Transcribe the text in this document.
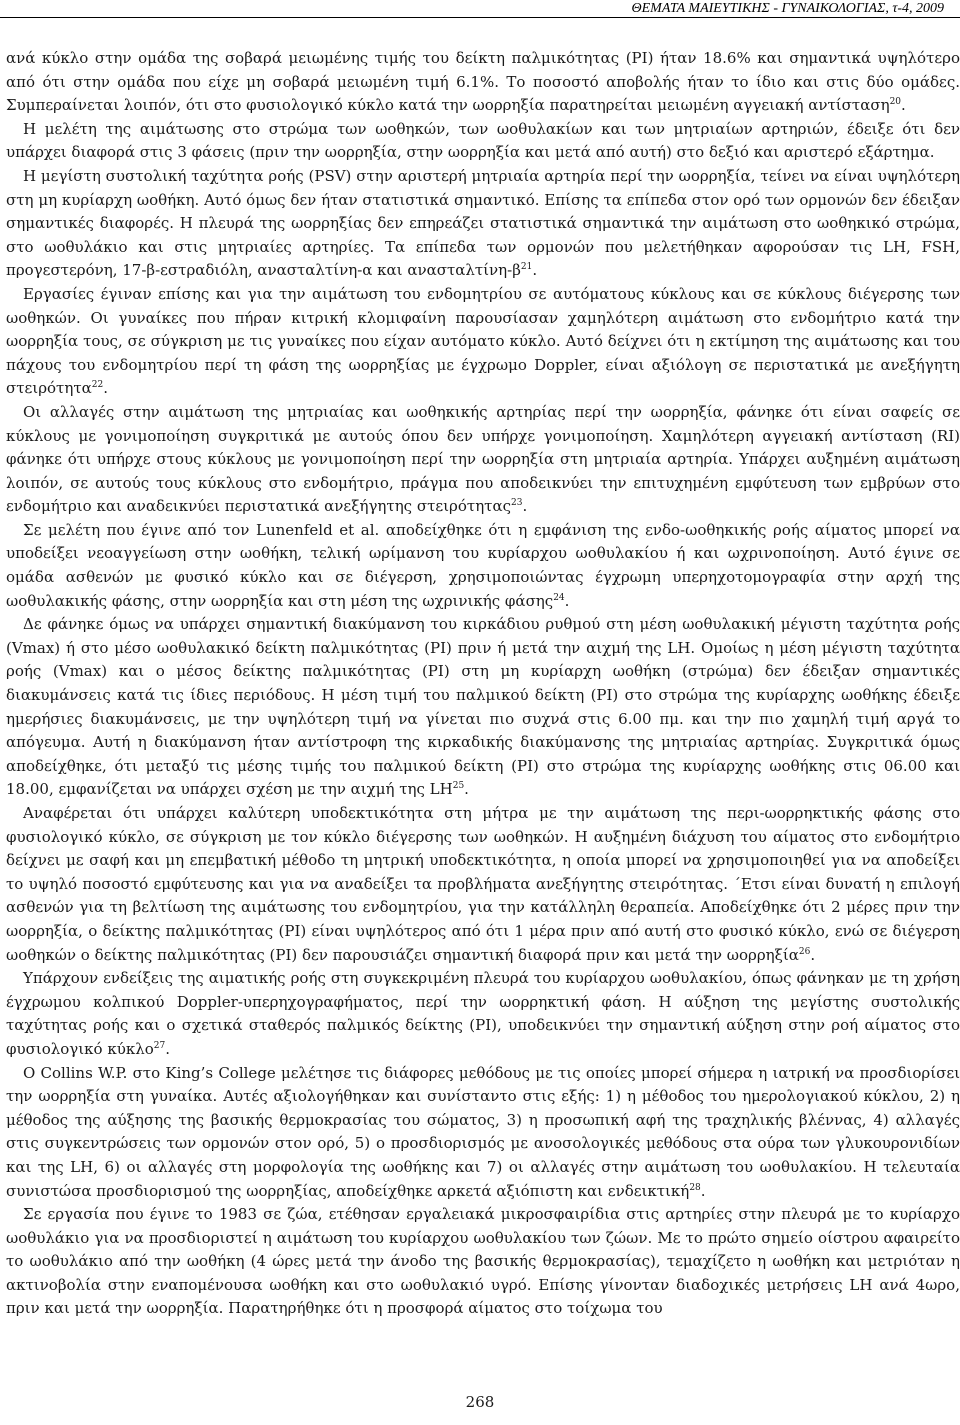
ΘΕΜΑΤΑ ΜΑΙΕΥΤΙΚΗΣ - ΓΥΝΑΙΚΟΛΟΓΙΑΣ, τ-4, 2009

ανά κύκλο στην ομάδα της σοβαρά μειωμένης τιμής του δείκτη παλμικότητας (PI) ήταν 18.6% και σημαντικά υψηλότερο από ότι στην ομάδα που είχε μη σοβαρά μειωμένη τιμή 6.1%. Το ποσοστό αποβολής ήταν το ίδιο και στις δύο ομάδες. Συμπεραίνεται λοιπόν, ότι στο φυσιολογικό κύκλο κατά την ωορρηξία παρατηρείται μειωμένη αγγειακή αντίσταση$^{20}$.

Η μελέτη της αιμάτωσης στο στρώμα των ωοθηκών, των ωοθυλακίων και των μητριαίων αρτηριών, έδειξε ότι δεν υπάρχει διαφορά στις 3 φάσεις (πριν την ωορρηξία, στην ωορρηξία και μετά από αυτή) στο δεξιό και αριστερό εξάρτημα.

Η μεγίστη συστολική ταχύτητα ροής (PSV) στην αριστερή μητριαία αρτηρία περί την ωορρηξία, τείνει να είναι υψηλότερη στη μη κυρίαρχη ωοθήκη. Αυτό όμως δεν ήταν στατιστικά σημαντικό. Επίσης τα επίπεδα στον ορό των ορμονών δεν έδειξαν σημαντικές διαφορές. Η πλευρά της ωορρηξίας δεν επηρεάζει στατιστικά σημαντικά την αιμάτωση στο ωοθηκικό στρώμα, στο ωοθυλάκιο και στις μητριαίες αρτηρίες. Τα επίπεδα των ορμονών που μελετήθηκαν αφορούσαν τις LH, FSH, προγεστερόνη, 17-β-εστραδιόλη, ανασταλτίνη-α και ανασταλτίνη-$\beta^{21}$.

Εργασίες έγιναν επίσης και για την αιμάτωση του ενδομητρίου σε αυτόματους κύκλους και σε κύκλους διέγερσης των ωοθηκών. Οι γυναίκες που πήραν κιτρική κλομιφαίνη παρουσίασαν χαμηλότερη αιμάτωση στο ενδομήτριο κατά την ωορρηξία τους, σε σύγκριση με τις γυναίκες που είχαν αυτόματο κύκλο. Αυτό δείχνει ότι η εκτίμηση της αιμάτωσης και του πάχους του ενδομητρίου περί τη φάση της ωορρηξίας με έγχρωμο Doppler, είναι αξιόλογη σε περιστατικά με ανεξήγητη στειρότητα$^{22}$.

Οι αλλαγές στην αιμάτωση της μητριαίας και ωοθηκικής αρτηρίας περί την ωορρηξία, φάνηκε ότι είναι σαφείς σε κύκλους με γονιμοποίηση συγκριτικά με αυτούς όπου δεν υπήρχε γονιμοποίηση. Χαμηλότερη αγγειακή αντίσταση (RI) φάνηκε ότι υπήρχε στους κύκλους με γονιμοποίηση περί την ωορρηξία στη μητριαία αρτηρία. Υπάρχει αυξημένη αιμάτωση λοιπόν, σε αυτούς τους κύκλους στο ενδομήτριο, πράγμα που αποδεικνύει την επιτυχημένη εμφύτευση των εμβρύων στο ενδομήτριο και αναδεικνύει περιστατικά ανεξήγητης στειρότητας$^{23}$.

Σε μελέτη που έγινε από τον Lunenfeld et al. αποδείχθηκε ότι η εμφάνιση της ενδο-ωοθηκικής ροής αίματος μπορεί να υποδείξει νεοαγγείωση στην ωοθήκη, τελική ωρίμανση του κυρίαρχου ωοθυλακίου ή και ωχρινοποίηση. Αυτό έγινε σε ομάδα ασθενών με φυσικό κύκλο και σε διέγερση, χρησιμοποιώντας έγχρωμη υπερηχοτομογραφία στην αρχή της ωοθυλακικής φάσης, στην ωορρηξία και στη μέση της ωχρινικής φάσης$^{24}$.

Δε φάνηκε όμως να υπάρχει σημαντική διακύμανση του κιρκάδιου ρυθμού στη μέση ωοθυλακική μέγιστη ταχύτητα ροής (Vmax) ή στο μέσο ωοθυλακικό δείκτη παλμικότητας (PI) πριν ή μετά την αιχμή της LH. Ομοίως η μέση μέγιστη ταχύτητα ροής (Vmax) και ο μέσος δείκτης παλμικότητας (PI) στη μη κυρίαρχη ωοθήκη (στρώμα) δεν έδειξαν σημαντικές διακυμάνσεις κατά τις ίδιες περιόδους. Η μέση τιμή του παλμικού δείκτη (PI) στο στρώμα της κυρίαρχης ωοθήκης έδειξε ημερήσιες διακυμάνσεις, με την υψηλότερη τιμή να γίνεται πιο συχνά στις 6.00 πμ. και την πιο χαμηλή τιμή αργά το απόγευμα. Αυτή η διακύμανση ήταν αντίστροφη της κιρκαδικής διακύμανσης της μητριαίας αρτηρίας. Συγκριτικά όμως αποδείχθηκε, ότι μεταξύ τις μέσης τιμής του παλμικού δείκτη (PI) στο στρώμα της κυρίαρχης ωοθήκης στις 06.00 και 18.00, εμφανίζεται να υπάρχει σχέση με την αιχμή της LH$^{25}$.

Αναφέρεται ότι υπάρχει καλύτερη υποδεκτικότητα στη μήτρα με την αιμάτωση της περι-ωορρηκτικής φάσης στο φυσιολογικό κύκλο, σε σύγκριση με τον κύκλο διέγερσης των ωοθηκών. Η αυξημένη διάχυση του αίματος στο ενδομήτριο δείχνει με σαφή και μη επεμβατική μέθοδο τη μητρική υποδεκτικότητα, η οποία μπορεί να χρησιμοποιηθεί για να αποδείξει το υψηλό ποσοστό εμφύτευσης και για να αναδείξει τα προβλήματα ανεξήγητης στειρότητας. ΄Ετσι είναι δυνατή η επιλογή ασθενών για τη βελτίωση της αιμάτωσης του ενδομητρίου, για την κατάλληλη θεραπεία. Αποδείχθηκε ότι 2 μέρες πριν την ωορρηξία, ο δείκτης παλμικότητας (PI) είναι υψηλότερος από ότι 1 μέρα πριν από αυτή στο φυσικό κύκλο, ενώ σε διέγερση ωοθηκών ο δείκτης παλμικότητας (PI) δεν παρουσιάζει σημαντική διαφορά πριν και μετά την ωορρηξία$^{26}$.

Υπάρχουν ενδείξεις της αιματικής ροής στη συγκεκριμένη πλευρά του κυρίαρχου ωοθυλακίου, όπως φάνηκαν με τη χρήση έγχρωμου κολπικού Doppler-υπερηχογραφήματος, περί την ωορρηκτική φάση. Η αύξηση της μεγίστης συστολικής ταχύτητας ροής και ο σχετικά σταθερός παλμικός δείκτης (PI), υποδεικνύει την σημαντική αύξηση στην ροή αίματος στο φυσιολογικό κύκλο$^{27}$.

O Collins W.P. στο King’s College μελέτησε τις διάφορες μεθόδους με τις οποίες μπορεί σήμερα η ιατρική να προσδιορίσει την ωορρηξία στη γυναίκα. Αυτές αξιολογήθηκαν και συνίσταντο στις εξής: 1) η μέθοδος του ημερολογιακού κύκλου, 2) η μέθοδος της αύξησης της βασικής θερμοκρασίας του σώματος, 3) η προσωπική αφή της τραχηλικής βλέννας, 4) αλλαγές στις συγκεντρώσεις των ορμονών στον ορό, 5) ο προσδιορισμός με ανοσολογικές μεθόδους στα ούρα των γλυκουρονιδίων και της LH, 6) οι αλλαγές στη μορφολογία της ωοθήκης και 7) οι αλλαγές στην αιμάτωση του ωοθυλακίου. Η τελευταία συνιστώσα προσδιορισμού της ωορρηξίας, αποδείχθηκε αρκετά αξιόπιστη και ενδεικτική$^{28}$.

Σε εργασία που έγινε το 1983 σε ζώα, ετέθησαν εργαλειακά μικροσφαιρίδια στις αρτηρίες στην πλευρά με το κυρίαρχο ωοθυλάκιο για να προσδιοριστεί η αιμάτωση του κυρίαρχου ωοθυλακίου των ζώων. Με το πρώτο σημείο οίστρου αφαιρείτο το ωοθυλάκιο από την ωοθήκη (4 ώρες μετά την άνοδο της βασικής θερμοκρασίας), τεμαχίζετο η ωοθήκη και μετριόταν η ακτινοβολία στην εναπομένουσα ωοθήκη και στο ωοθυλακιό υγρό. Επίσης γίνονταν διαδοχικές μετρήσεις LH ανά 4ωρο, πριν και μετά την ωορρηξία. Παρατηρήθηκε ότι η προσφορά αίματος στο τοίχωμα του

268
